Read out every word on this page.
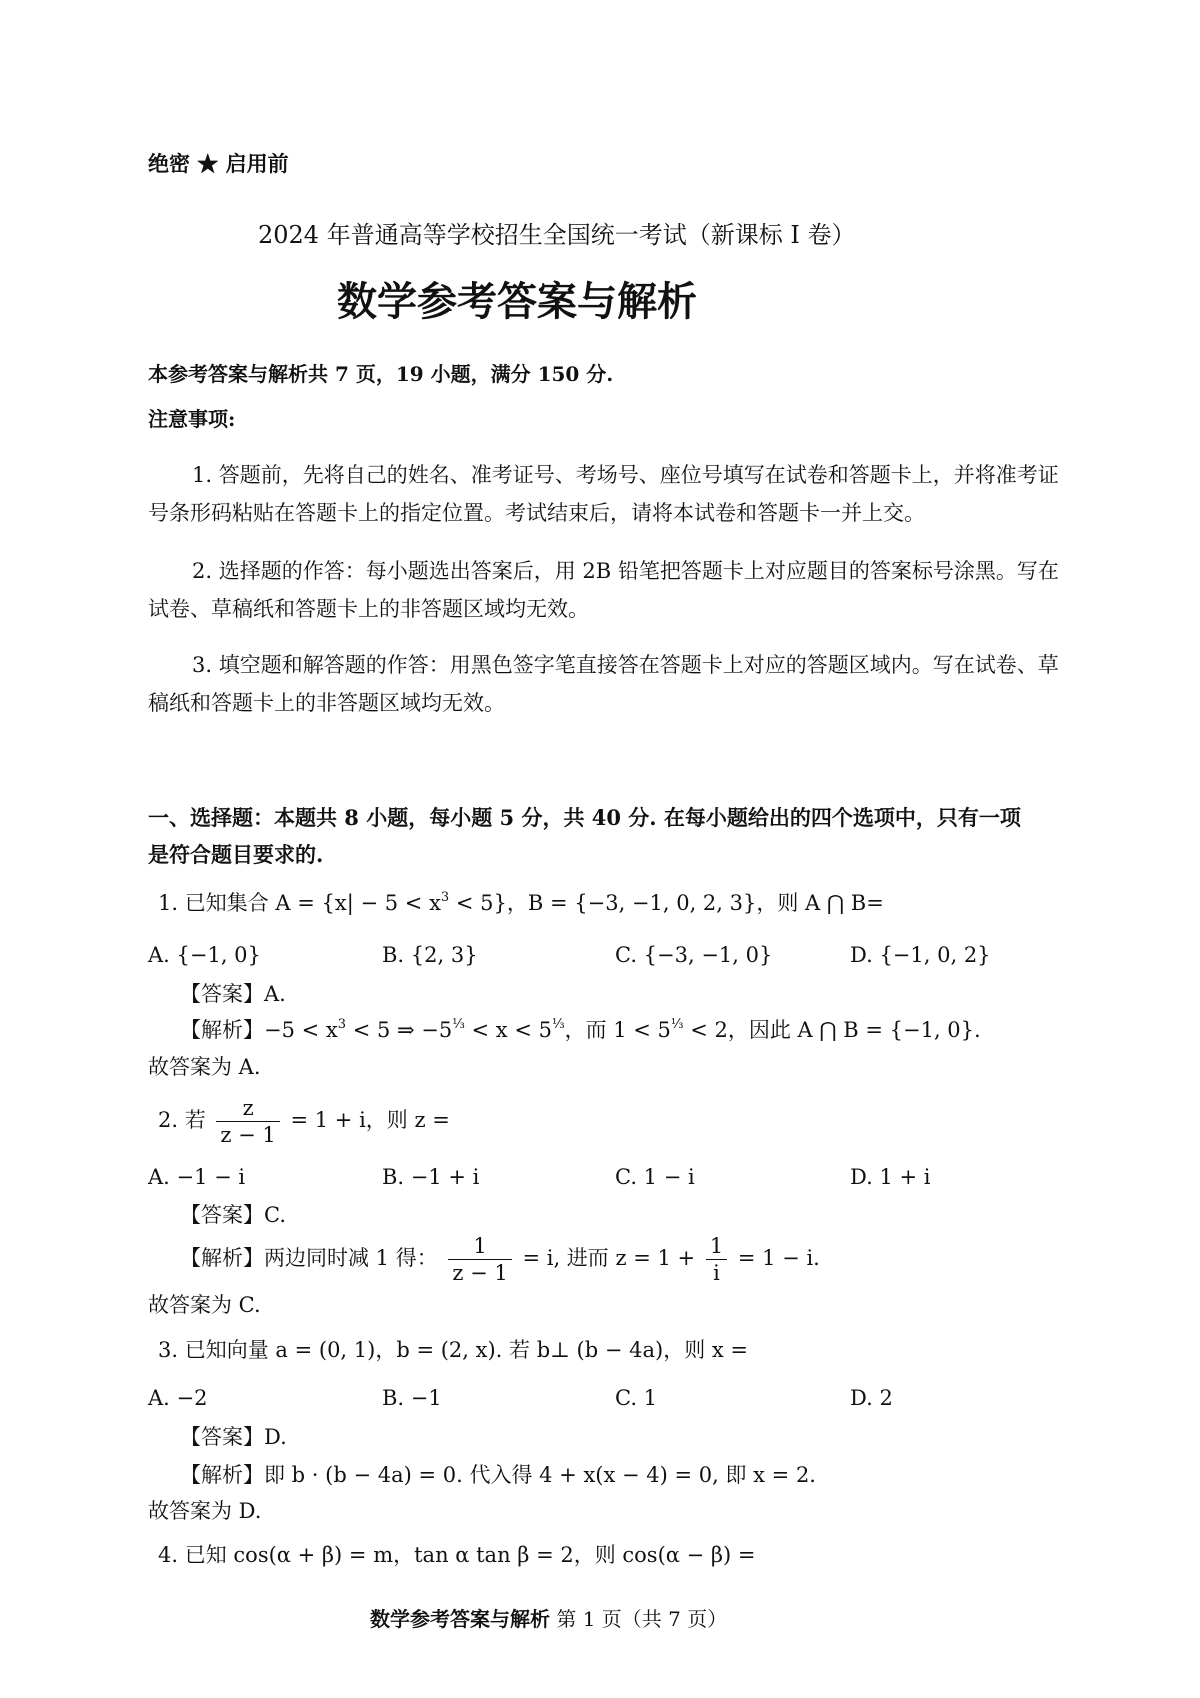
绝密 ★ 启用前
2024 年普通高等学校招生全国统一考试（新课标 I 卷）
数学参考答案与解析
本参考答案与解析共 7 页，19 小题，满分 150 分.
注意事项:
1. 答题前，先将自己的姓名、准考证号、考场号、座位号填写在试卷和答题卡上，并将准考证号条形码粘贴在答题卡上的指定位置。考试结束后，请将本试卷和答题卡一并上交。
2. 选择题的作答：每小题选出答案后，用 2B 铅笔把答题卡上对应题目的答案标号涂黑。写在试卷、草稿纸和答题卡上的非答题区域均无效。
3. 填空题和解答题的作答：用黑色签字笔直接答在答题卡上对应的答题区域内。写在试卷、草稿纸和答题卡上的非答题区域均无效。
一、选择题：本题共 8 小题，每小题 5 分，共 40 分. 在每小题给出的四个选项中，只有一项
是符合题目要求的.
1. 已知集合 $A = \{x| - 5 < x^3 < 5\}$，B = {−3, −1, 0, 2, 3}，则 A ⋂ B=
A. {−1, 0}	B. {2, 3}	C. {−3, −1, 0}	D. {−1, 0, 2}
【答案】A.
【解析】$-5 < x^3 < 5$ ⇒ $-5^{\frac{1}{3}} < x < 5^{\frac{1}{3}}$，而 $1 < 5^{\frac{1}{3}} < 2$，因此 A ⋂ B = {−1, 0}.
故答案为 A.
2. 若 $\frac{z}{z - 1} = 1 + i$，则 z =
A. −1 − i	B. −1 + i	C. 1 − i	D. 1 + i
【答案】C.
【解析】两边同时减 1 得： $\frac{1}{z - 1} = i$, 进而 $z = 1 + \frac{1}{i} = 1 - i$.
故答案为 C.
3. 已知向量 a = (0, 1)，b = (2, x). 若 b⊥ (b − 4a)，则 x =
A. −2	B. −1	C. 1	D. 2
【答案】D.
【解析】即 b · (b − 4a) = 0. 代入得 4 + x(x − 4) = 0, 即 x = 2.
故答案为 D.
4. 已知 cos(α + β) = m，tan α tan β = 2，则 cos(α − β) =
数学参考答案与解析 第 1 页（共 7 页）
